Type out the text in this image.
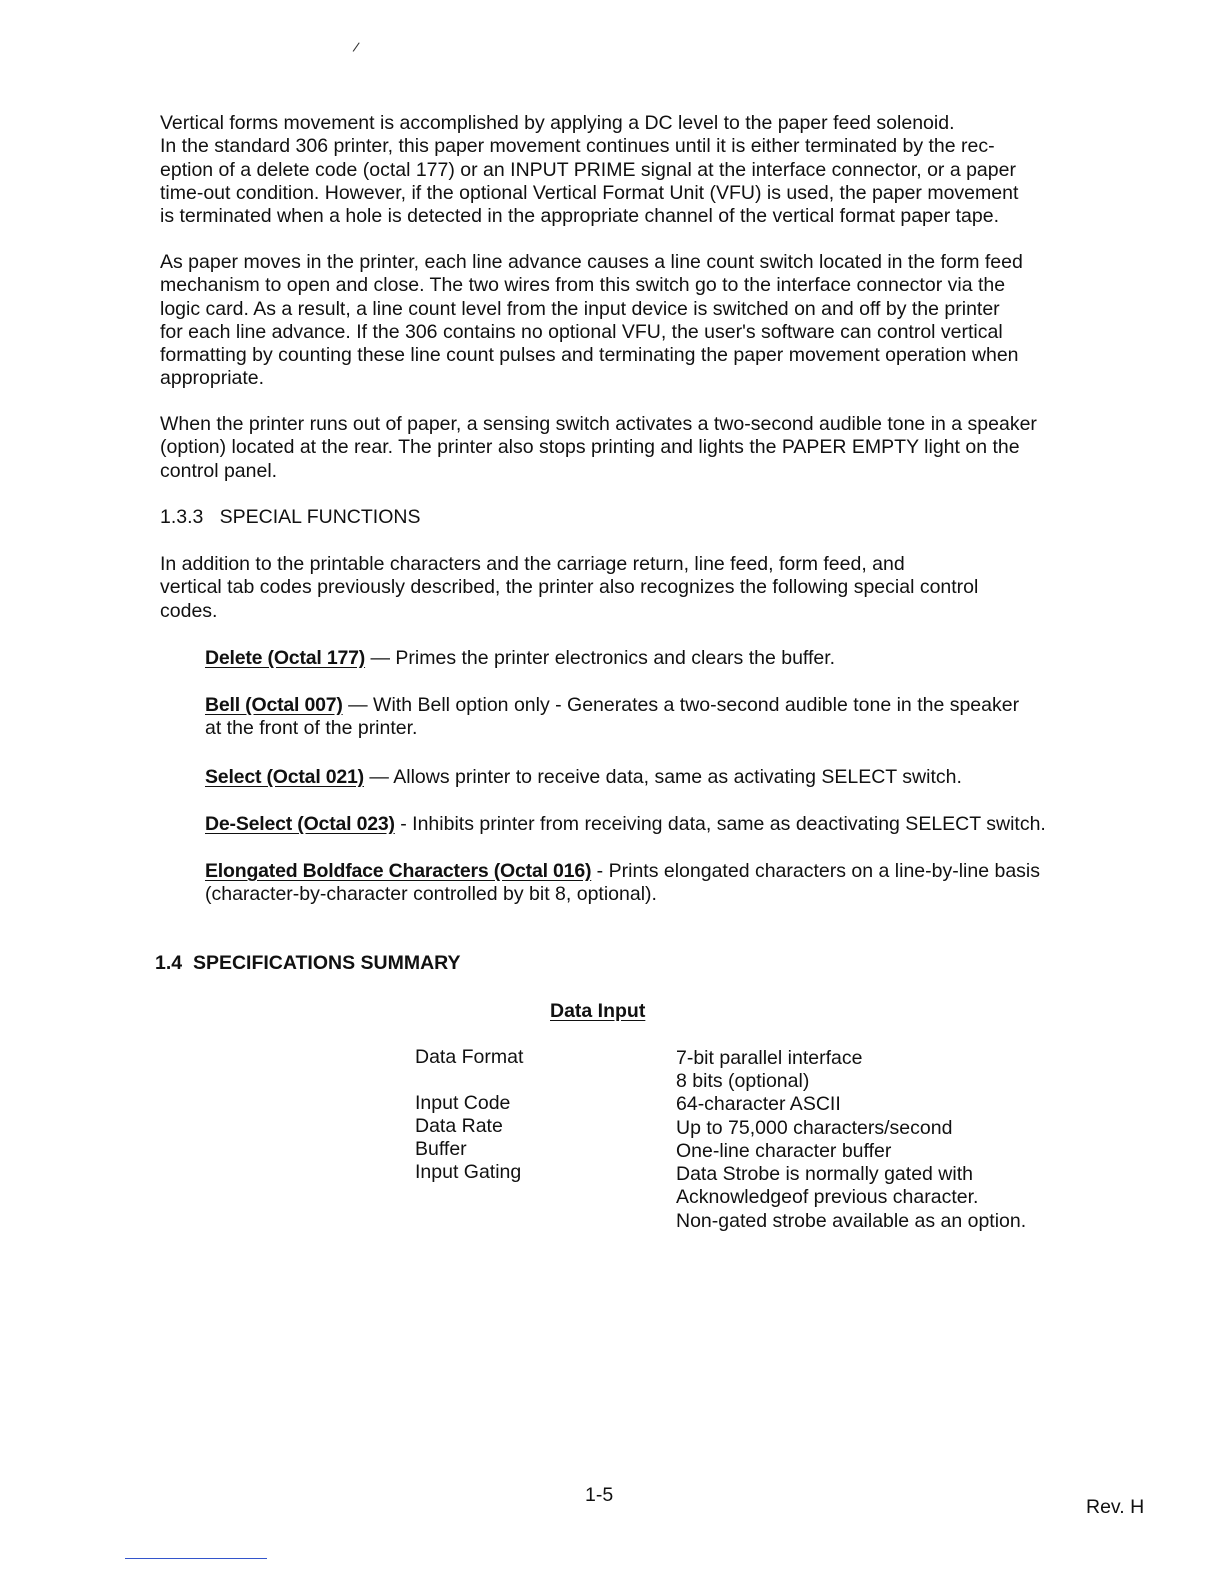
/
Vertical forms movement is accomplished by applying a DC level to the paper feed solenoid.
In the standard 306 printer, this paper movement continues until it is either terminated by the rec-
eption of a delete code (octal 177) or an INPUT PRIME signal at the interface connector, or a paper
time-out condition. However, if the optional Vertical Format Unit (VFU) is used, the paper movement
is terminated when a hole is detected in the appropriate channel of the vertical format paper tape.
As paper moves in the printer, each line advance causes a line count switch located in the form feed
mechanism to open and close. The two wires from this switch go to the interface connector via the
logic card. As a result, a line count level from the input device is switched on and off by the printer
for each line advance. If the 306 contains no optional VFU, the user's software can control vertical
formatting by counting these line count pulses and terminating the paper movement operation when
appropriate.
When the printer runs out of paper, a sensing switch activates a two-second audible tone in a speaker
(option) located at the rear. The printer also stops printing and lights the PAPER EMPTY light on the
control panel.
1.3.3 SPECIAL FUNCTIONS
In addition to the printable characters and the carriage return, line feed, form feed, and
vertical tab codes previously described, the printer also recognizes the following special control
codes.
Delete (Octal 177) — Primes the printer electronics and clears the buffer.
Bell (Octal 007) — With Bell option only - Generates a two-second audible tone in the speaker
at the front of the printer.
Select (Octal 021) — Allows printer to receive data, same as activating SELECT switch.
De-Select (Octal 023) - Inhibits printer from receiving data, same as deactivating SELECT switch.
Elongated Boldface Characters (Octal 016) - Prints elongated characters on a line-by-line basis
(character-by-character controlled by bit 8, optional).
1.4 SPECIFICATIONS SUMMARY
Data Input
Data Format	7-bit parallel interface
8 bits (optional)
Input Code	64-character ASCII
Data Rate	Up to 75,000 characters/second
Buffer	One-line character buffer
Input Gating	Data Strobe is normally gated with
Acknowledgeof previous character.
Non-gated strobe available as an option.
1-5
Rev. H
